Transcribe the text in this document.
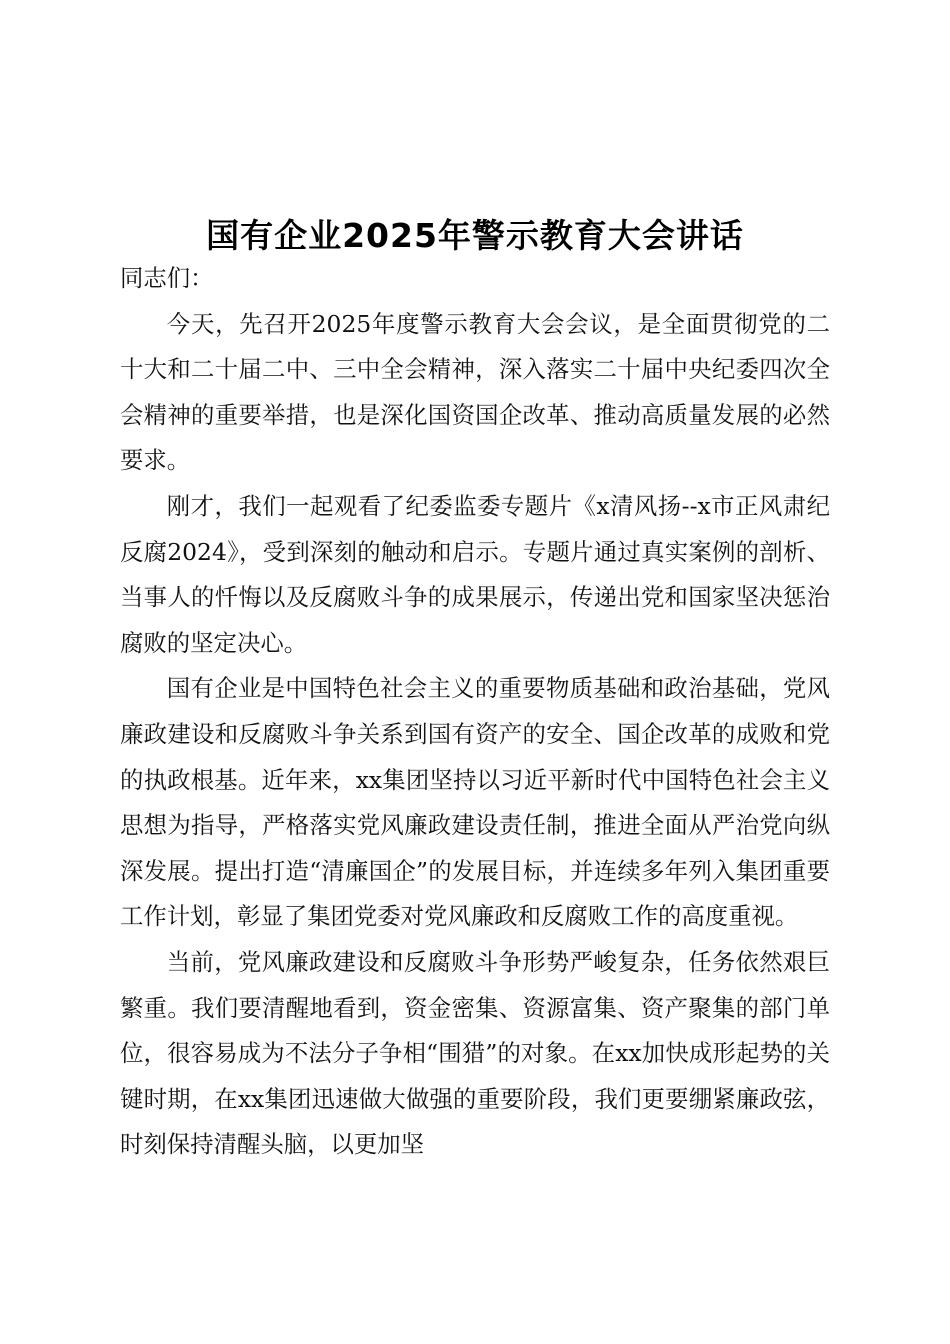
国有企业2025年警示教育大会讲话

同志们：

今天，先召开2025年度警示教育大会会议，是全面贯彻党的二十大和二十届二中、三中全会精神，深入落实二十届中央纪委四次全会精神的重要举措，也是深化国资国企改革、推动高质量发展的必然要求。

刚才，我们一起观看了纪委监委专题片《x清风扬--x市正风肃纪反腐2024》，受到深刻的触动和启示。专题片通过真实案例的剖析、当事人的忏悔以及反腐败斗争的成果展示，传递出党和国家坚决惩治腐败的坚定决心。

国有企业是中国特色社会主义的重要物质基础和政治基础，党风廉政建设和反腐败斗争关系到国有资产的安全、国企改革的成败和党的执政根基。近年来，xx集团坚持以习近平新时代中国特色社会主义思想为指导，严格落实党风廉政建设责任制，推进全面从严治党向纵深发展。提出打造“清廉国企”的发展目标，并连续多年列入集团重要工作计划，彰显了集团党委对党风廉政和反腐败工作的高度重视。

当前，党风廉政建设和反腐败斗争形势严峻复杂，任务依然艰巨繁重。我们要清醒地看到，资金密集、资源富集、资产聚集的部门单位，很容易成为不法分子争相“围猎”的对象。在xx加快成形起势的关键时期，在xx集团迅速做大做强的重要阶段，我们更要绷紧廉政弦，时刻保持清醒头脑，以更加坚
